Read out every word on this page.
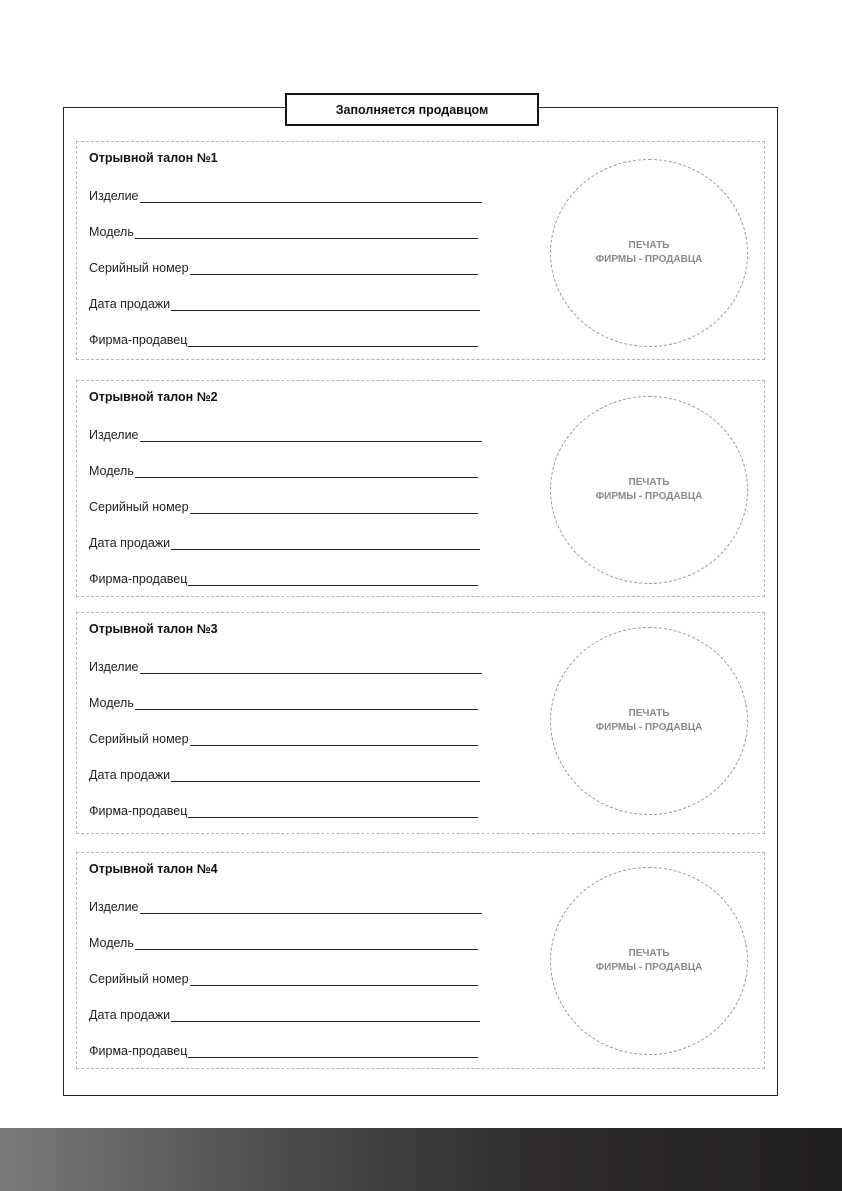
Заполняется продавцом
Отрывной талон №1
Изделие
Модель
Серийный номер
Дата продажи
Фирма-продавец
ПЕЧАТЬ
ФИРМЫ - ПРОДАВЦА
Отрывной талон №2
Изделие
Модель
Серийный номер
Дата продажи
Фирма-продавец
ПЕЧАТЬ
ФИРМЫ - ПРОДАВЦА
Отрывной талон №3
Изделие
Модель
Серийный номер
Дата продажи
Фирма-продавец
ПЕЧАТЬ
ФИРМЫ - ПРОДАВЦА
Отрывной талон №4
Изделие
Модель
Серийный номер
Дата продажи
Фирма-продавец
ПЕЧАТЬ
ФИРМЫ - ПРОДАВЦА
